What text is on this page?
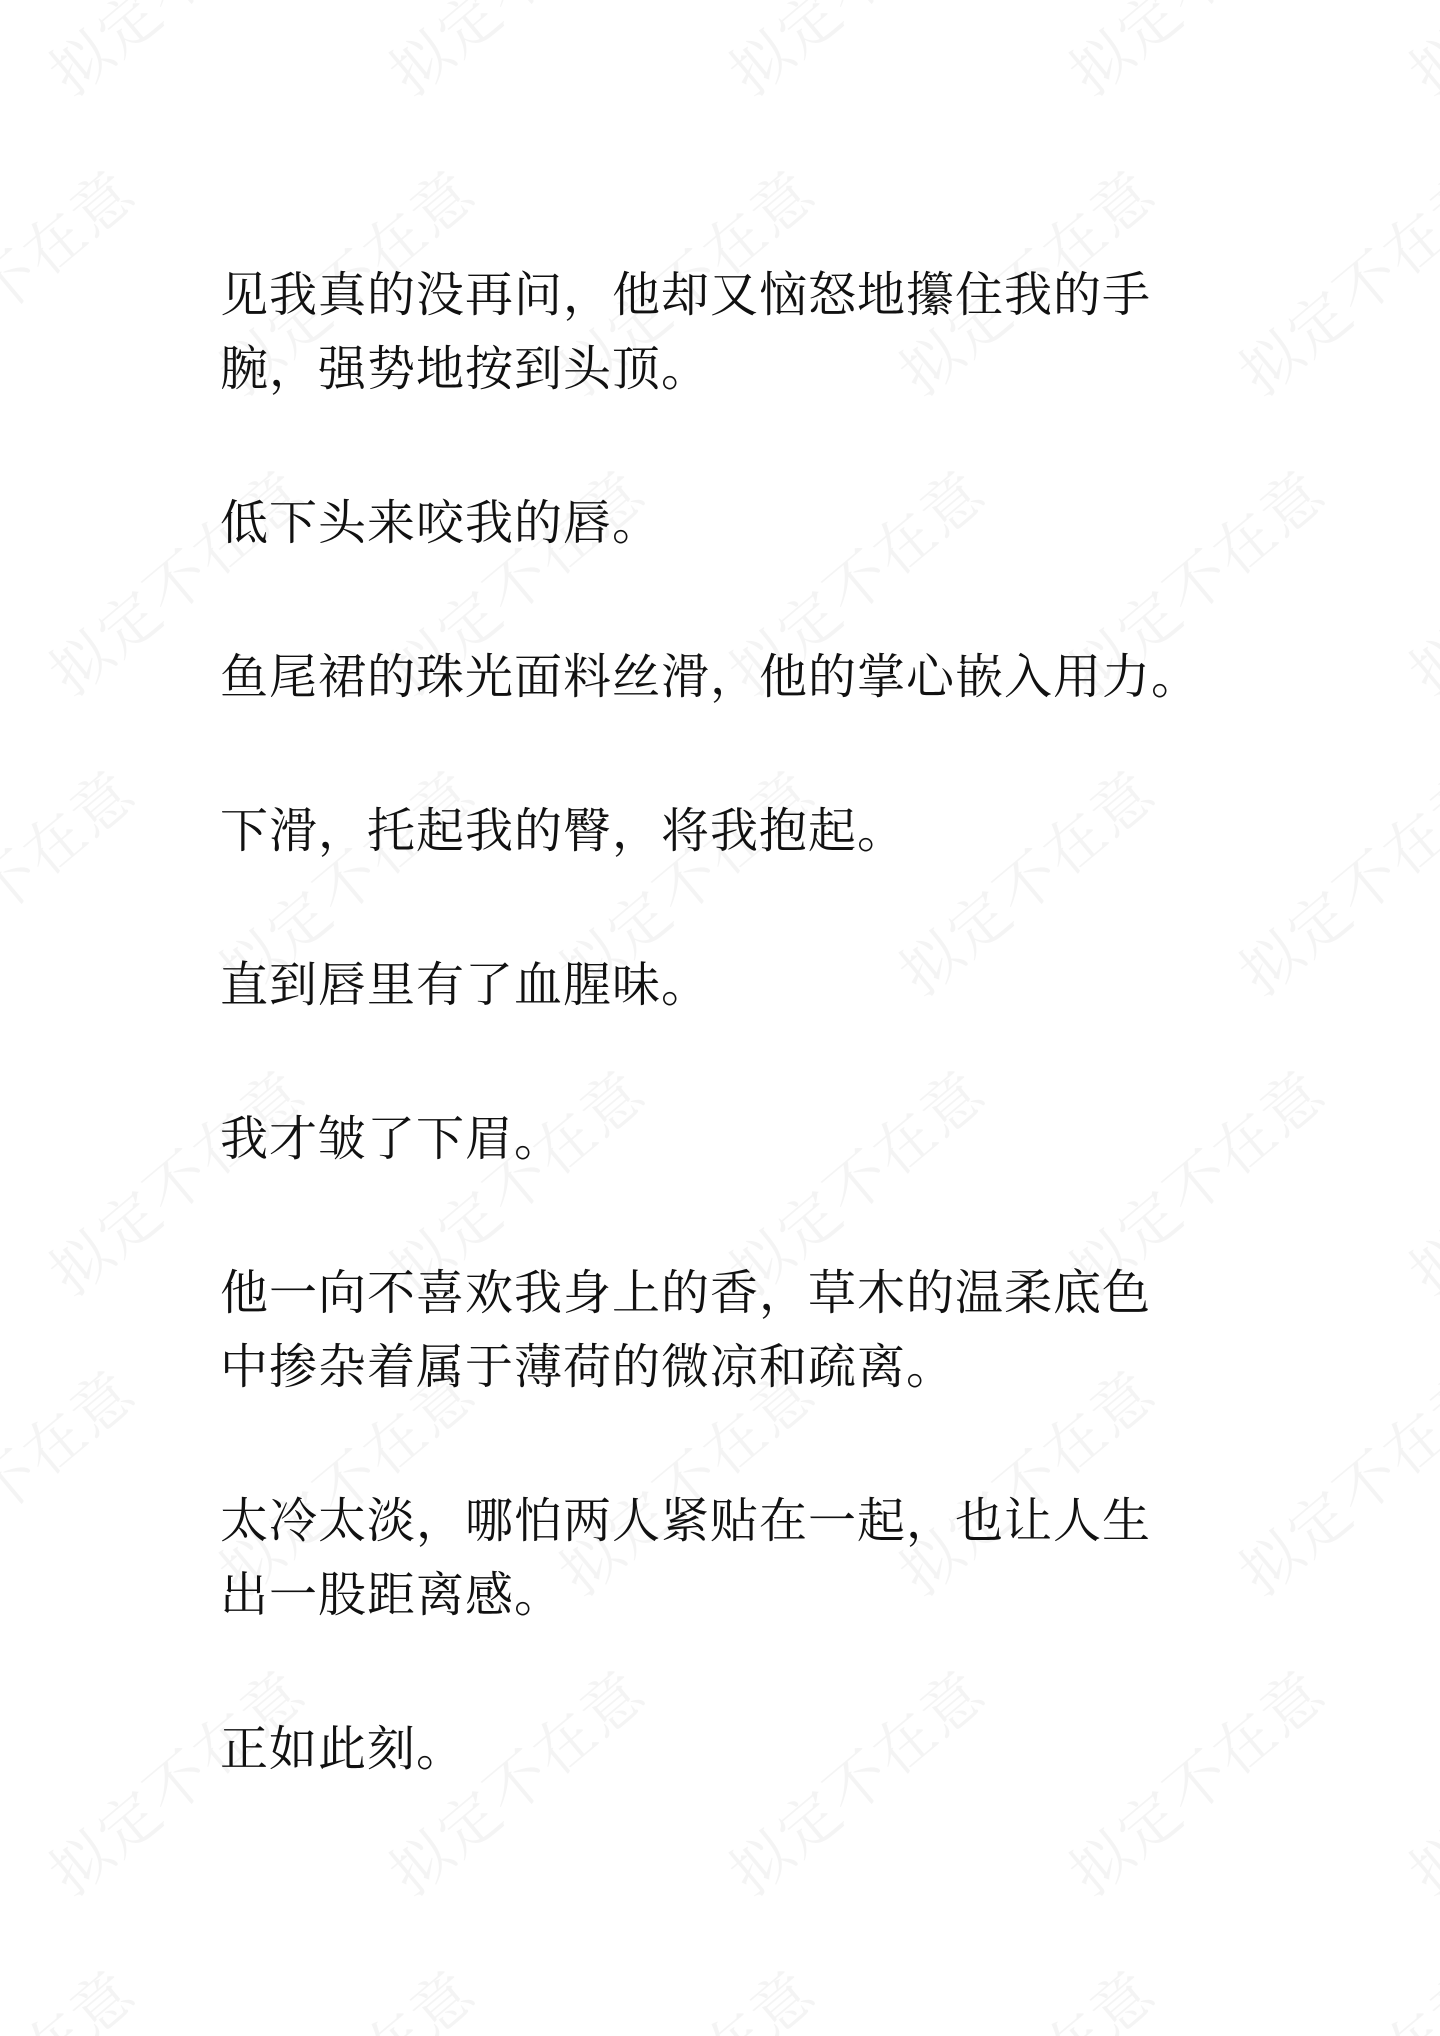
见我真的没再问，他却又恼怒地攥住我的手
腕，强势地按到头顶。

低下头来咬我的唇。

鱼尾裙的珠光面料丝滑，他的掌心嵌入用力。

下滑，托起我的臀，将我抱起。

直到唇里有了血腥味。

我才皱了下眉。

他一向不喜欢我身上的香，草木的温柔底色
中掺杂着属于薄荷的微凉和疏离。

太冷太淡，哪怕两人紧贴在一起，也让人生
出一股距离感。

正如此刻。
